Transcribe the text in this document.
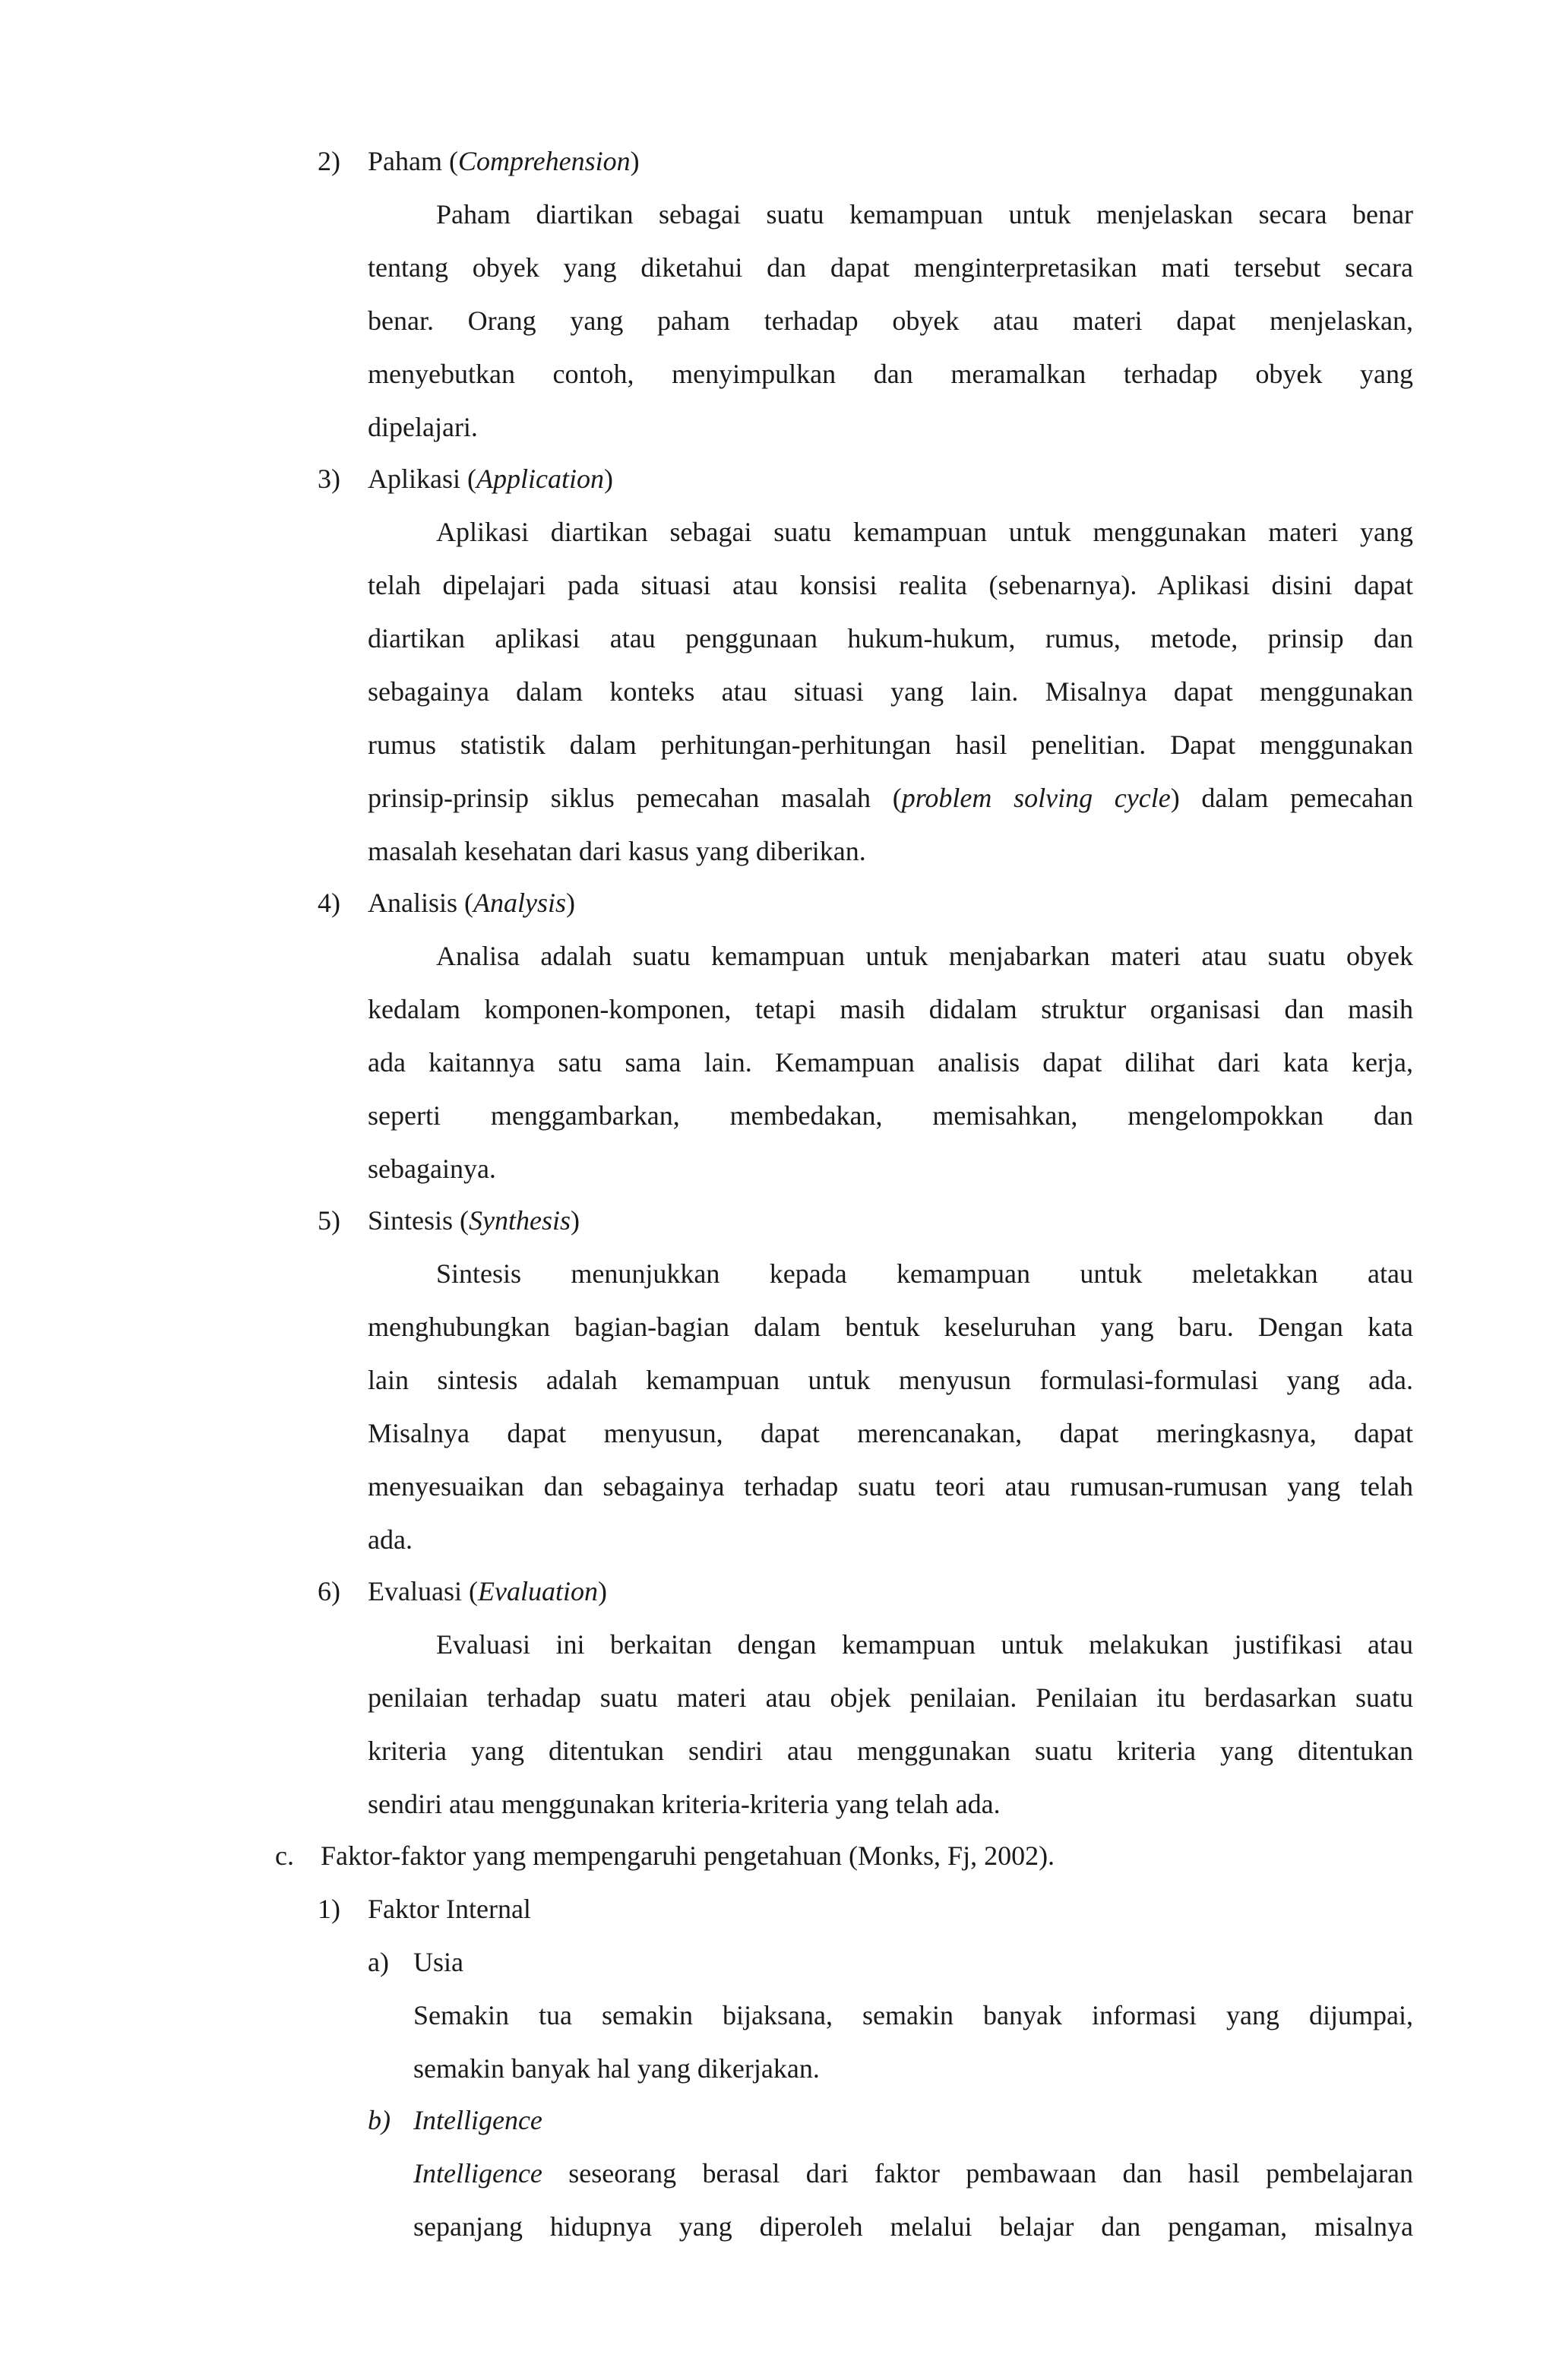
2) Paham (Comprehension)
Paham diartikan sebagai suatu kemampuan untuk menjelaskan secara benar
tentang obyek yang diketahui dan dapat menginterpretasikan mati tersebut secara
benar. Orang yang paham terhadap obyek atau materi dapat menjelaskan,
menyebutkan contoh, menyimpulkan dan meramalkan terhadap obyek yang
dipelajari.
3) Aplikasi (Application)
Aplikasi diartikan sebagai suatu kemampuan untuk menggunakan materi yang
telah dipelajari pada situasi atau konsisi realita (sebenarnya). Aplikasi disini dapat
diartikan aplikasi atau penggunaan hukum-hukum, rumus, metode, prinsip dan
sebagainya dalam konteks atau situasi yang lain. Misalnya dapat menggunakan
rumus statistik dalam perhitungan-perhitungan hasil penelitian. Dapat menggunakan
prinsip-prinsip siklus pemecahan masalah (problem solving cycle) dalam pemecahan
masalah kesehatan dari kasus yang diberikan.
4) Analisis (Analysis)
Analisa adalah suatu kemampuan untuk menjabarkan materi atau suatu obyek
kedalam komponen-komponen, tetapi masih didalam struktur organisasi dan masih
ada kaitannya satu sama lain. Kemampuan analisis dapat dilihat dari kata kerja,
seperti menggambarkan, membedakan, memisahkan, mengelompokkan dan
sebagainya.
5) Sintesis (Synthesis)
Sintesis menunjukkan kepada kemampuan untuk meletakkan atau
menghubungkan bagian-bagian dalam bentuk keseluruhan yang baru. Dengan kata
lain sintesis adalah kemampuan untuk menyusun formulasi-formulasi yang ada.
Misalnya dapat menyusun, dapat merencanakan, dapat meringkasnya, dapat
menyesuaikan dan sebagainya terhadap suatu teori atau rumusan-rumusan yang telah
ada.
6) Evaluasi (Evaluation)
Evaluasi ini berkaitan dengan kemampuan untuk melakukan justifikasi atau
penilaian terhadap suatu materi atau objek penilaian. Penilaian itu berdasarkan suatu
kriteria yang ditentukan sendiri atau menggunakan suatu kriteria yang ditentukan
sendiri atau menggunakan kriteria-kriteria yang telah ada.
c. Faktor-faktor yang mempengaruhi pengetahuan (Monks, Fj, 2002).
1) Faktor Internal
a) Usia
Semakin tua semakin bijaksana, semakin banyak informasi yang dijumpai,
semakin banyak hal yang dikerjakan.
b) Intelligence
Intelligence seseorang berasal dari faktor pembawaan dan hasil pembelajaran
sepanjang hidupnya yang diperoleh melalui belajar dan pengaman, misalnya
